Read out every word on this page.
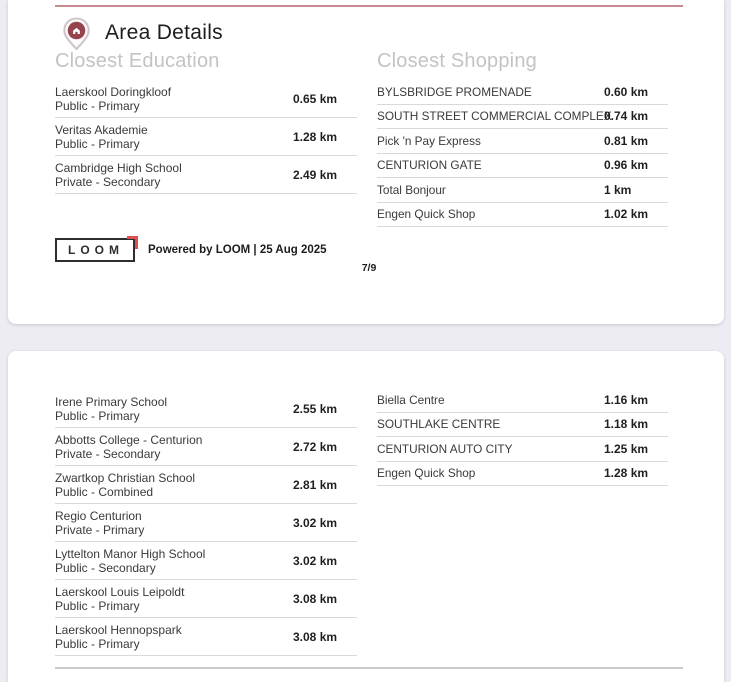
Area Details
Closest Education
Laerskool Doringkloof
Public - Primary	0.65 km
Veritas Akademie
Public - Primary	1.28 km
Cambridge High School
Private - Secondary	2.49 km
Closest Shopping
BYLSBRIDGE PROMENADE	0.60 km
SOUTH STREET COMMERCIAL COMPLEX
0.74 km
Pick 'n Pay Express	0.81 km
CENTURION GATE	0.96 km
Total Bonjour	1 km
Engen Quick Shop	1.02 km
LOOM	Powered by LOOM | 25 Aug 2025
7/9
Irene Primary School
Public - Primary	2.55 km
Abbotts College - Centurion
Private - Secondary	2.72 km
Zwartkop Christian School
Public - Combined	2.81 km
Regio Centurion
Private - Primary	3.02 km
Lyttelton Manor High School
Public - Secondary	3.02 km
Laerskool Louis Leipoldt
Public - Primary	3.08 km
Laerskool Hennopspark
Public - Primary	3.08 km
Biella Centre	1.16 km
SOUTHLAKE CENTRE	1.18 km
CENTURION AUTO CITY	1.25 km
Engen Quick Shop	1.28 km
